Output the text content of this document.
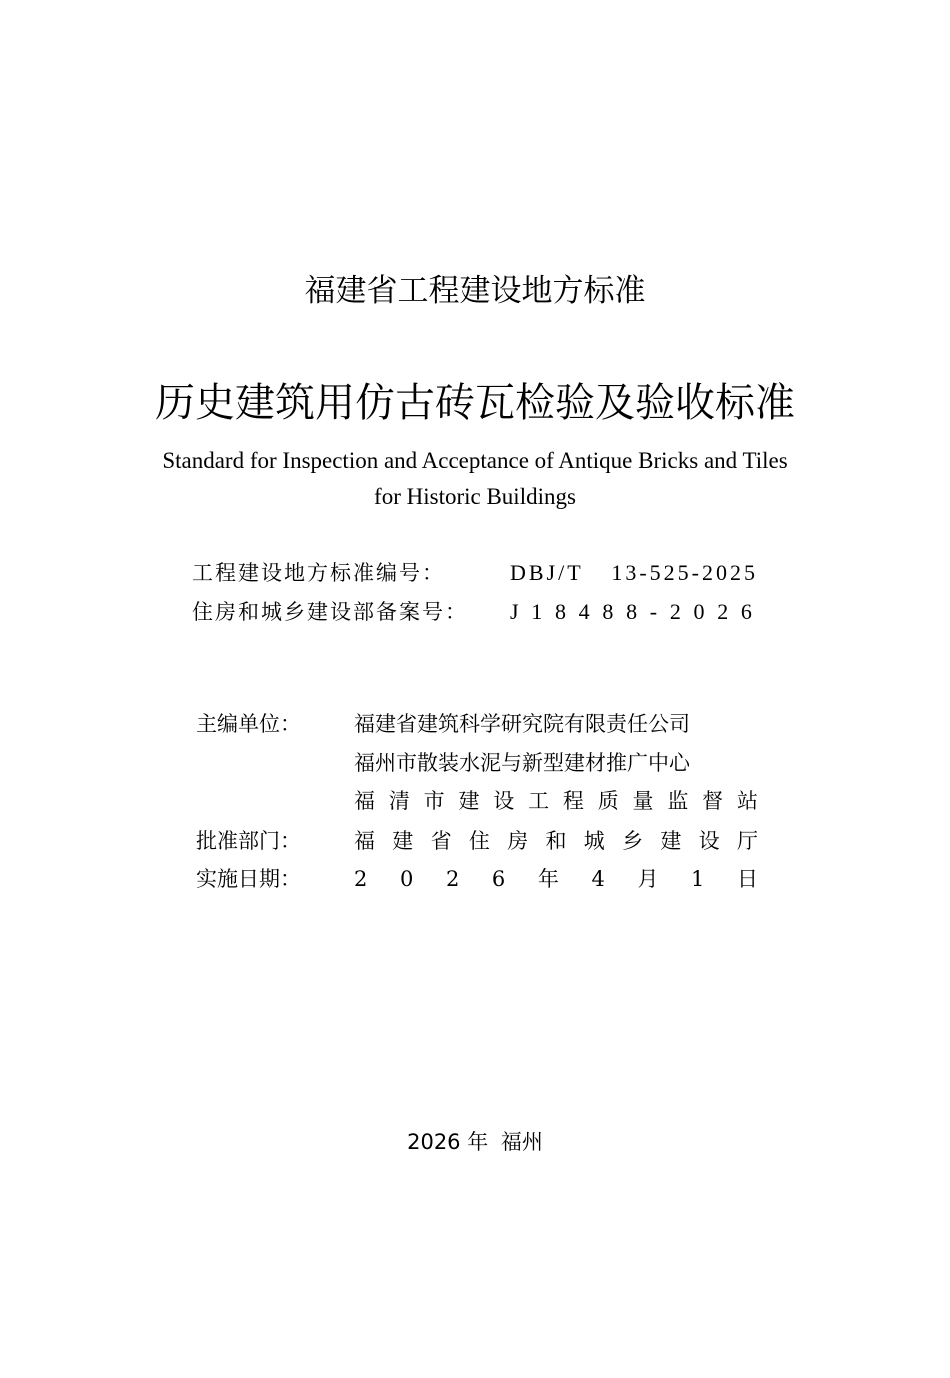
福建省工程建设地方标准
历史建筑用仿古砖瓦检验及验收标准
Standard for Inspection and Acceptance of Antique Bricks and Tiles
for Historic Buildings
工程建设地方标准编号：	DBJ/T 13-525-2025
住房和城乡建设部备案号： J 1 8 4 8 8 - 2 0 2 6
主编单位：	福建省建筑科学研究院有限责任公司
福州市散装水泥与新型建材推广中心
福 清 市 建 设 工 程 质 量 监 督 站
批准部门：	福 建 省 住 房 和 城 乡 建 设 厅
实施日期：	2 0 2 6 年 4 月 1 日
2026 年 福州
